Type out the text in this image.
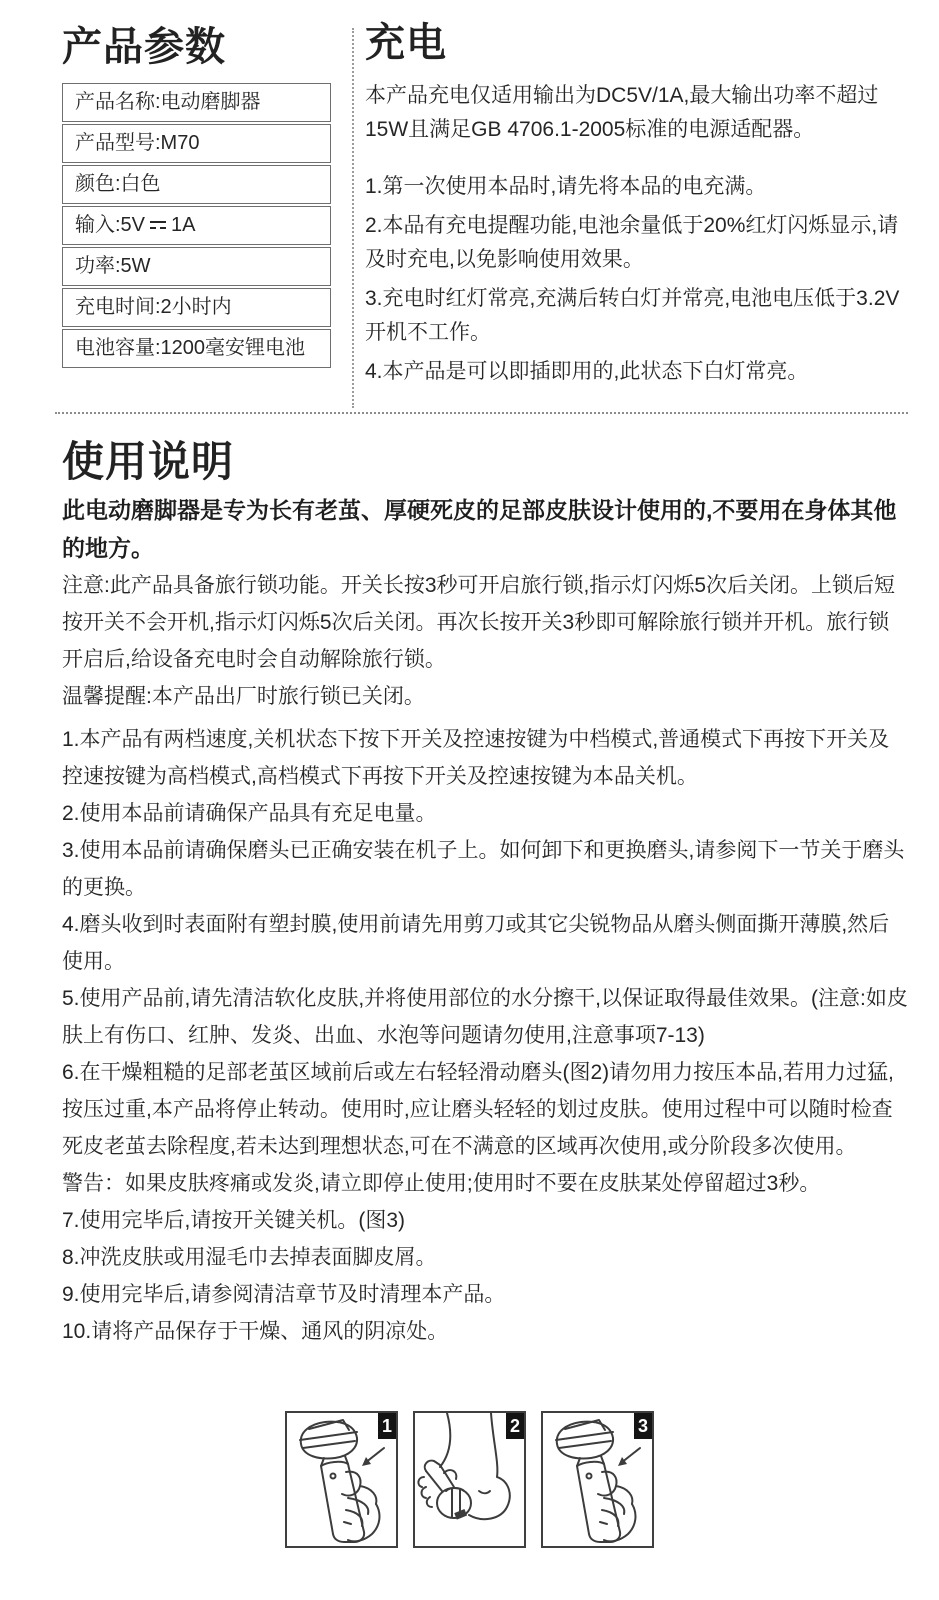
产品参数
产品名称:电动磨脚器
产品型号:M70
颜色:白色
输入:5V 1A
功率:5W
充电时间:2小时内
电池容量:1200毫安锂电池
充电

本产品充电仅适用输出为DC5V/1A,最大输出功率不超过15W且满足GB 4706.1-2005标准的电源适配器。

1.第一次使用本品时,请先将本品的电充满。

2.本品有充电提醒功能,电池余量低于20%红灯闪烁显示,请及时充电,以免影响使用效果。

3.充电时红灯常亮,充满后转白灯并常亮,电池电压低于3.2V开机不工作。

4.本产品是可以即插即用的,此状态下白灯常亮。

使用说明

此电动磨脚器是专为长有老茧、厚硬死皮的足部皮肤设计使用的,不要用在身体其他的地方。

注意:此产品具备旅行锁功能。开关长按3秒可开启旅行锁,指示灯闪烁5次后关闭。上锁后短按开关不会开机,指示灯闪烁5次后关闭。再次长按开关3秒即可解除旅行锁并开机。旅行锁开启后,给设备充电时会自动解除旅行锁。

温馨提醒:本产品出厂时旅行锁已关闭。

1.本产品有两档速度,关机状态下按下开关及控速按键为中档模式,普通模式下再按下开关及控速按键为高档模式,高档模式下再按下开关及控速按键为本品关机。

2.使用本品前请确保产品具有充足电量。

3.使用本品前请确保磨头已正确安装在机子上。如何卸下和更换磨头,请参阅下一节关于磨头的更换。

4.磨头收到时表面附有塑封膜,使用前请先用剪刀或其它尖锐物品从磨头侧面撕开薄膜,然后使用。

5.使用产品前,请先清洁软化皮肤,并将使用部位的水分擦干,以保证取得最佳效果。(注意:如皮肤上有伤口、红肿、发炎、出血、水泡等问题请勿使用,注意事项7-13)

6.在干燥粗糙的足部老茧区域前后或左右轻轻滑动磨头(图2)请勿用力按压本品,若用力过猛,按压过重,本产品将停止转动。使用时,应让磨头轻轻的划过皮肤。使用过程中可以随时检查死皮老茧去除程度,若未达到理想状态,可在不满意的区域再次使用,或分阶段多次使用。

警告：如果皮肤疼痛或发炎,请立即停止使用;使用时不要在皮肤某处停留超过3秒。

7.使用完毕后,请按开关键关机。(图3)

8.冲洗皮肤或用湿毛巾去掉表面脚皮屑。

9.使用完毕后,请参阅清洁章节及时清理本产品。

10.请将产品保存于干燥、通风的阴凉处。

1	2	3
